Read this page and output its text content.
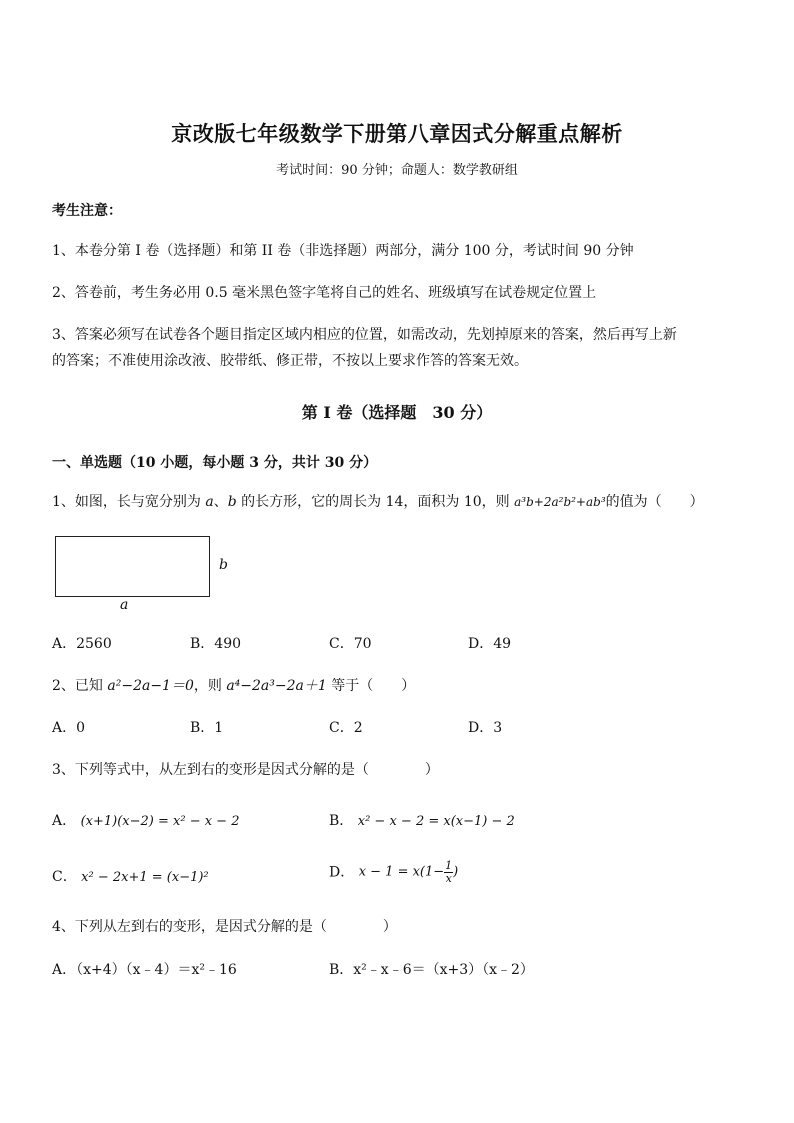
京改版七年级数学下册第八章因式分解重点解析
考试时间：90 分钟；命题人：数学教研组
考生注意：
1、本卷分第 I 卷（选择题）和第 II 卷（非选择题）两部分，满分 100 分，考试时间 90 分钟
2、答卷前，考生务必用 0.5 毫米黑色签字笔将自己的姓名、班级填写在试卷规定位置上
3、答案必须写在试卷各个题目指定区域内相应的位置，如需改动，先划掉原来的答案，然后再写上新
的答案；不准使用涂改液、胶带纸、修正带，不按以上要求作答的答案无效。
第 I 卷（选择题　30 分）
一、单选题（10 小题，每小题 3 分，共计 30 分）
1、如图，长与宽分别为 a、b 的长方形，它的周长为 14，面积为 10，则 a³b+2a²b²+ab³的值为（　　）
b
a
A．2560	B．490	C．70	D．49
2、已知 a²−2a−1＝0，则 a⁴−2a³−2a＋1 等于（　　）
A．0	B．1	C．2	D．3
3、下列等式中，从左到右的变形是因式分解的是（　　　　）
A． (x+1)(x−2) = x² − x − 2	B． x² − x − 2 = x(x−1) − 2
C． x² − 2x+1 = (x−1)²	D． $x - 1 = x(1- \frac{1}{x}$ )
4、下列从左到右的变形，是因式分解的是（　　　　）
A．（x+4）（x﹣4）＝x²﹣16	B．x²﹣x﹣6＝（x+3）（x﹣2）
